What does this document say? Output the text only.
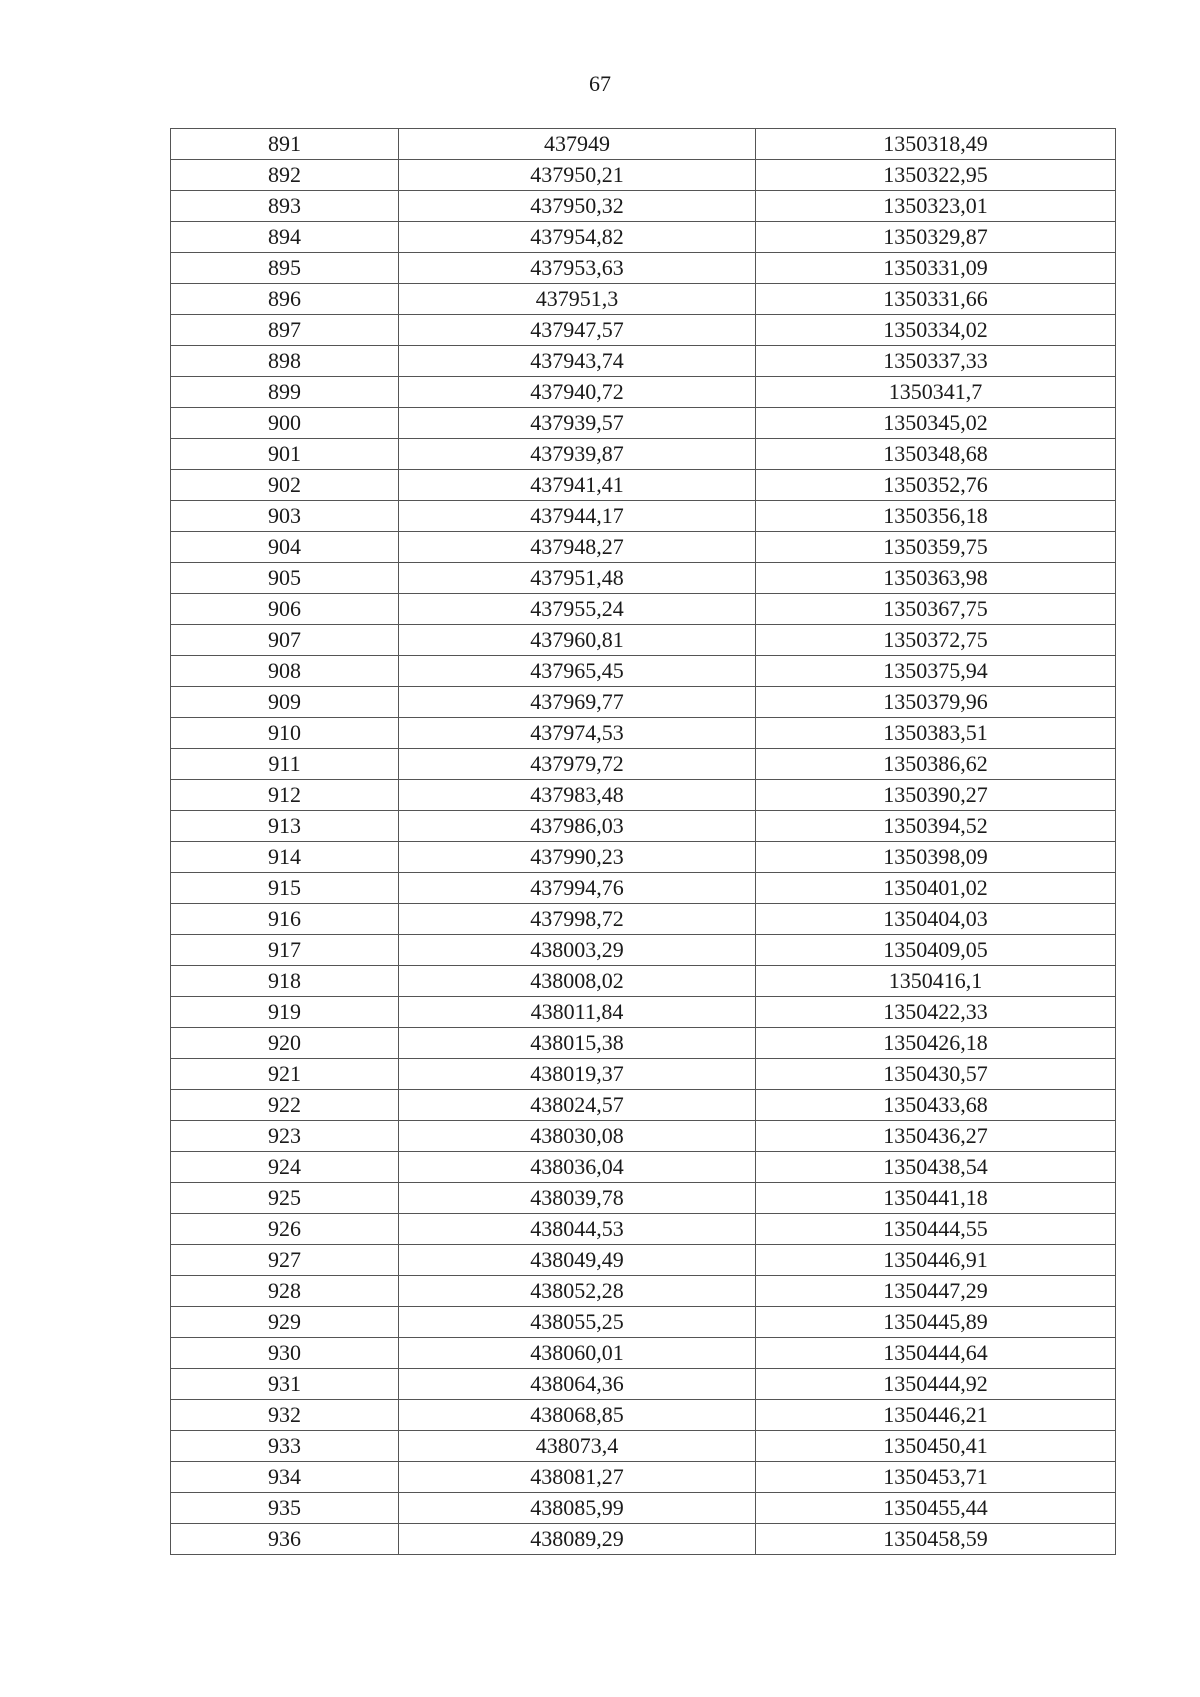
67
891	437949	1350318,49
892	437950,21	1350322,95
893	437950,32	1350323,01
894	437954,82	1350329,87
895	437953,63	1350331,09
896	437951,3	1350331,66
897	437947,57	1350334,02
898	437943,74	1350337,33
899	437940,72	1350341,7
900	437939,57	1350345,02
901	437939,87	1350348,68
902	437941,41	1350352,76
903	437944,17	1350356,18
904	437948,27	1350359,75
905	437951,48	1350363,98
906	437955,24	1350367,75
907	437960,81	1350372,75
908	437965,45	1350375,94
909	437969,77	1350379,96
910	437974,53	1350383,51
911	437979,72	1350386,62
912	437983,48	1350390,27
913	437986,03	1350394,52
914	437990,23	1350398,09
915	437994,76	1350401,02
916	437998,72	1350404,03
917	438003,29	1350409,05
918	438008,02	1350416,1
919	438011,84	1350422,33
920	438015,38	1350426,18
921	438019,37	1350430,57
922	438024,57	1350433,68
923	438030,08	1350436,27
924	438036,04	1350438,54
925	438039,78	1350441,18
926	438044,53	1350444,55
927	438049,49	1350446,91
928	438052,28	1350447,29
929	438055,25	1350445,89
930	438060,01	1350444,64
931	438064,36	1350444,92
932	438068,85	1350446,21
933	438073,4	1350450,41
934	438081,27	1350453,71
935	438085,99	1350455,44
936	438089,29	1350458,59
